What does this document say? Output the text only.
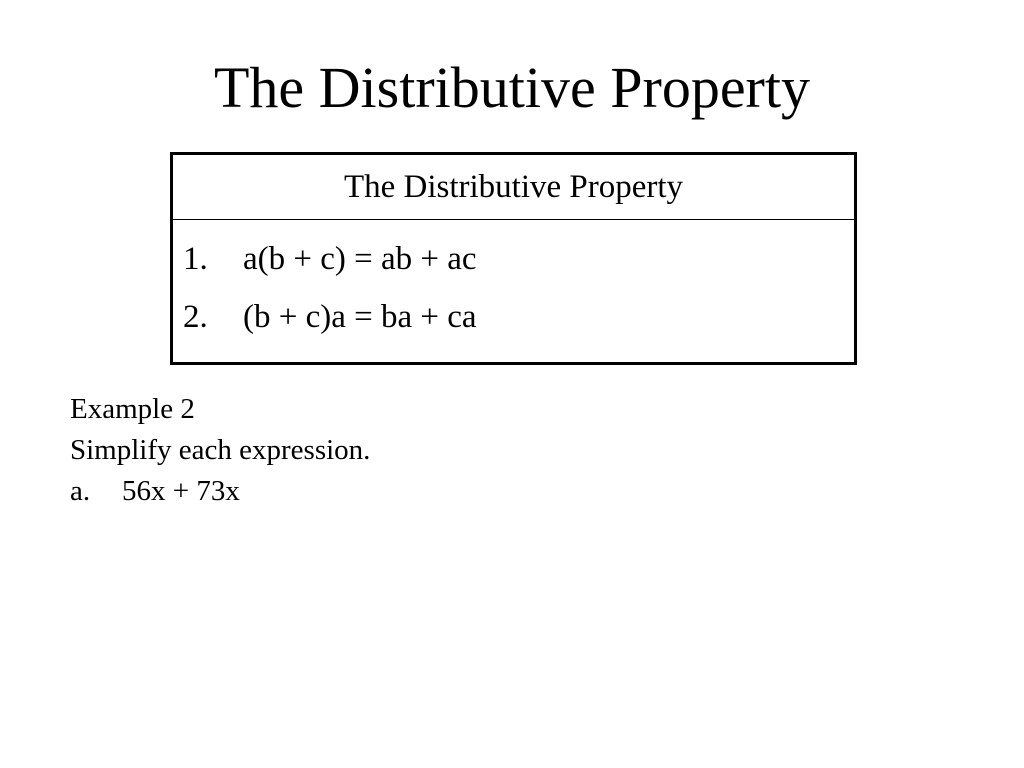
The Distributive Property
The Distributive Property
1.	a(b + c) = ab + ac
2.	(b + c)a = ba + ca
Example 2
Simplify each expression.
a.	56x + 73x
